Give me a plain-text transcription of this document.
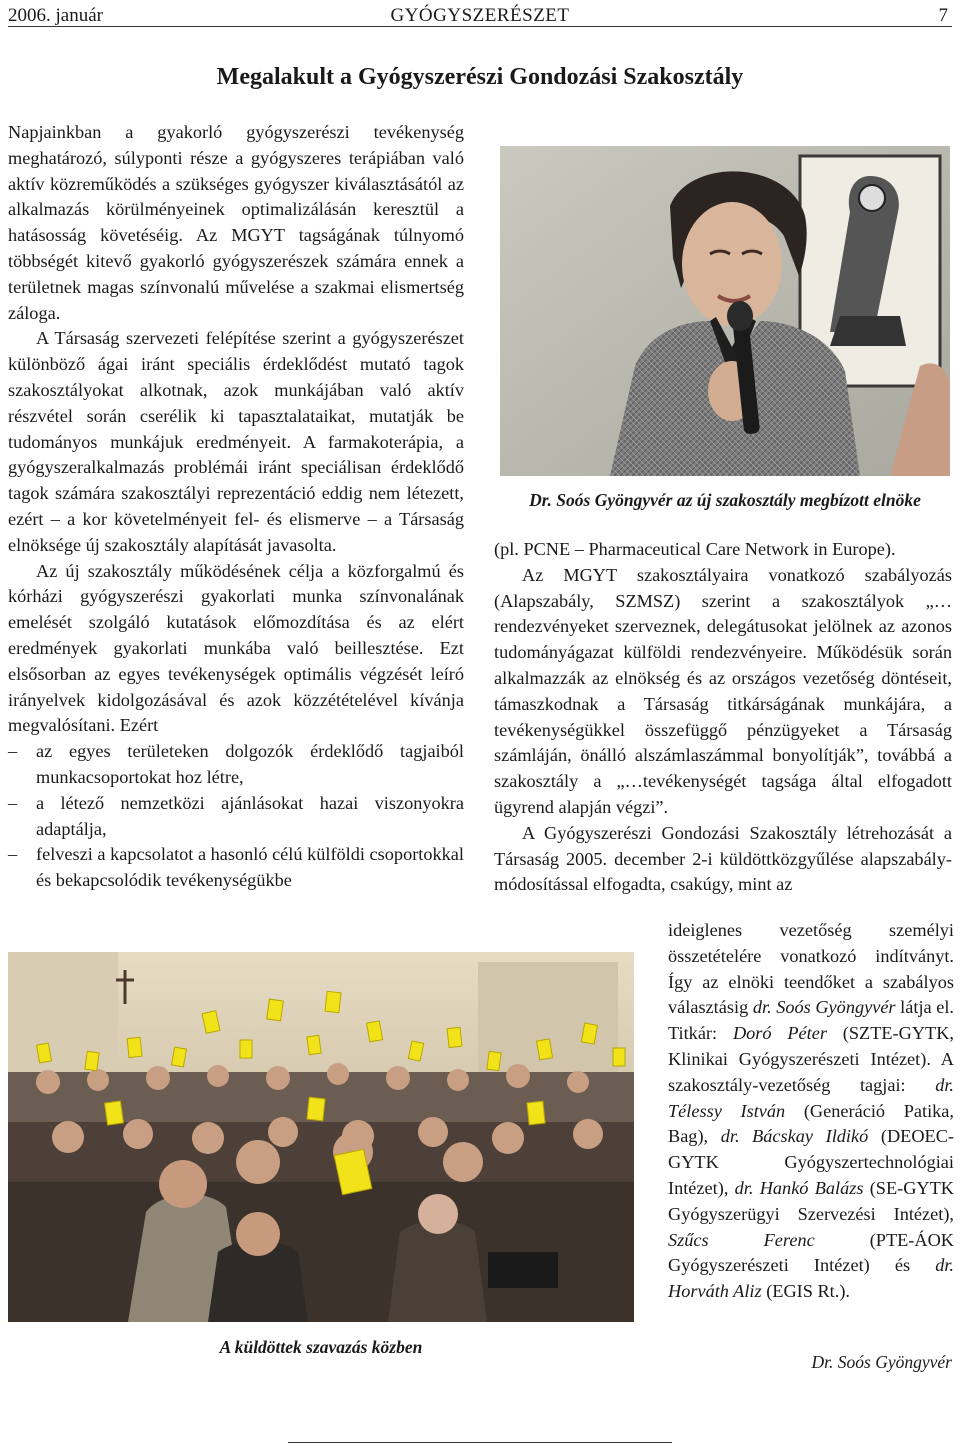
2006. január	GYÓGYSZERÉSZET	7
Megalakult a Gyógyszerészi Gondozási Szakosztály

Napjainkban a gyakorló gyógyszerészi tevékenység meghatározó, súlyponti része a gyógyszeres terápiában való aktív közreműködés a szükséges gyógyszer kiválasztásától az alkalmazás körülményeinek optimalizálásán keresztül a hatásosság követéséig. Az MGYT tagságának túlnyomó többségét kitevő gyakorló gyógyszerészek számára ennek a területnek magas színvonalú művelése a szakmai elismertség záloga.

A Társaság szervezeti felépítése szerint a gyógyszerészet különböző ágai iránt speciális érdeklődést mutató tagok szakosztályokat alkotnak, azok munkájában való aktív részvétel során cserélik ki tapasztalataikat, mutatják be tudományos munkájuk eredményeit. A farmakoterápia, a gyógyszeralkalmazás problémái iránt speciálisan érdeklődő tagok számára szakosztályi reprezentáció eddig nem létezett, ezért – a kor követelményeit fel- és elismerve – a Társaság elnöksége új szakosztály alapítását javasolta.

Az új szakosztály működésének célja a közforgalmú és kórházi gyógyszerészi gyakorlati munka színvonalának emelését szolgáló kutatások előmozdítása és az elért eredmények gyakorlati munkába való beillesztése. Ezt elsősorban az egyes tevékenységek optimális végzését leíró irányelvek kidolgozásával és azok közzétételével kívánja megvalósítani. Ezért

– az egyes területeken dolgozók érdeklődő tagjaiból munkacsoportokat hoz létre,

– a létező nemzetközi ajánlásokat hazai viszonyokra adaptálja,

– felveszi a kapcsolatot a hasonló célú külföldi csoportokkal és bekapcsolódik tevékenységükbe

Dr. Soós Gyöngyvér az új szakosztály megbízott elnöke

(pl. PCNE – Pharmaceutical Care Network in Europe).

Az MGYT szakosztályaira vonatkozó szabályozás (Alapszabály, SZMSZ) szerint a szakosztályok „… rendezvényeket szerveznek, delegátusokat jelölnek az azonos tudományágazat külföldi rendezvényeire. Működésük során alkalmazzák az elnökség és az országos vezetőség döntéseit, támaszkodnak a Társaság titkárságának munkájára, a tevékenységükkel összefüggő pénzügyeket a Társaság számláján, önálló alszámlaszámmal bonyolítják”, továbbá a szakosztály a „…tevékenységét tagsága által elfogadott ügyrend alapján végzi”.

A Gyógyszerészi Gondozási Szakosztály létrehozását a Társaság 2005. december 2-i küldöttközgyűlése alapszabály-módosítással elfogadta, csakúgy, mint az

ideiglenes vezetőség személyi összetételére vonatkozó indítványt. Így az elnöki teendőket a szabályos választásig dr. Soós Gyöngyvér látja el. Titkár: Doró Péter (SZTE-GYTK, Klinikai Gyógyszerészeti Intézet). A szakosztály-vezetőség tagjai: dr. Télessy István (Generáció Patika, Bag), dr. Bácskay Ildikó (DEOEC-GYTK Gyógyszertechnológiai Intézet), dr. Hankó Balázs (SE-GYTK Gyógyszerügyi Szervezési Intézet), Szűcs Ferenc (PTE-ÁOK Gyógyszerészeti Intézet) és dr. Horváth Aliz (EGIS Rt.).

A küldöttek szavazás közben
Dr. Soós Gyöngyvér
